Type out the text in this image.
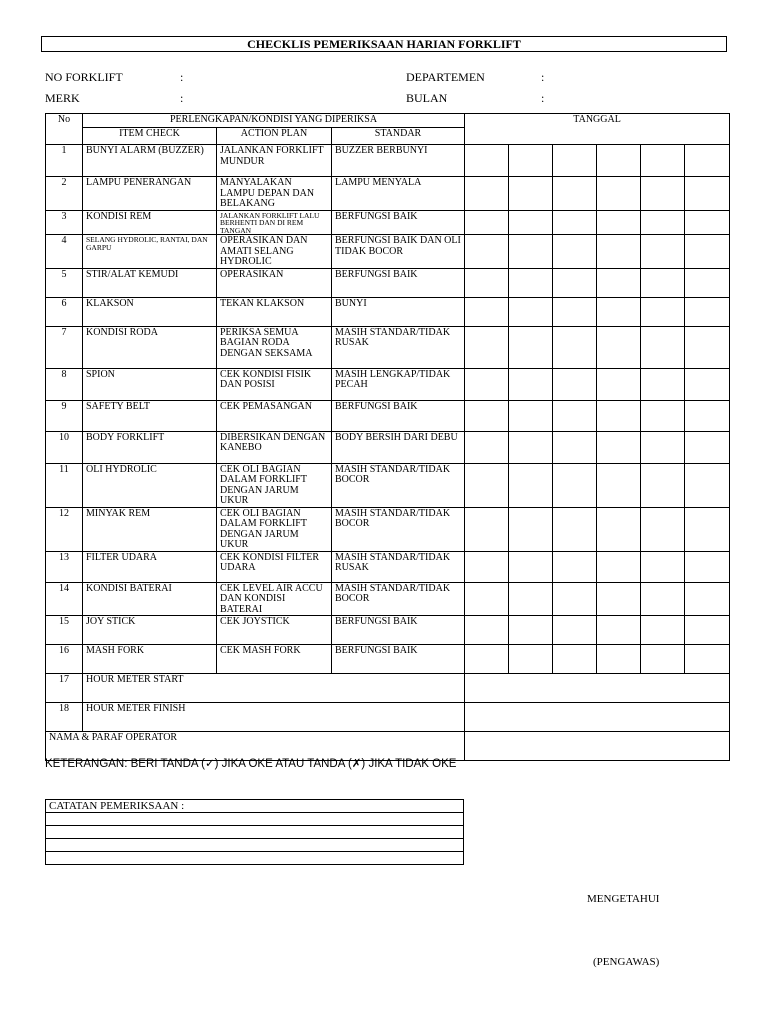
CHECKLIS PEMERIKSAAN HARIAN FORKLIFT
NO FORKLIFT	:	DEPARTEMEN	:
MERK	:	BULAN	:
No	PERLENGKAPAN/KONDISI YANG DIPERIKSA			TANGGAL					
	ITEM CHECK	ACTION PLAN	STANDAR						
1	BUNYI ALARM (BUZZER)	JALANKAN FORKLIFT MUNDUR	BUZZER BERBUNYI						
2	LAMPU PENERANGAN	MANYALAKAN LAMPU DEPAN DAN BELAKANG	LAMPU MENYALA						
3	KONDISI REM	JALANKAN FORKLIFT LALU BERHENTI DAN DI REM TANGAN	BERFUNGSI BAIK						
4	SELANG HYDROLIC, RANTAI, DAN GARPU	OPERASIKAN DAN AMATI SELANG HYDROLIC	BERFUNGSI BAIK DAN OLI TIDAK BOCOR						
5	STIR/ALAT KEMUDI	OPERASIKAN	BERFUNGSI BAIK						
6	KLAKSON	TEKAN KLAKSON	BUNYI						
7	KONDISI RODA	PERIKSA SEMUA BAGIAN RODA DENGAN SEKSAMA	MASIH STANDAR/TIDAK RUSAK						
8	SPION	CEK KONDISI FISIK DAN POSISI	MASIH LENGKAP/TIDAK PECAH						
9	SAFETY BELT	CEK PEMASANGAN	BERFUNGSI BAIK						
10	BODY FORKLIFT	DIBERSIKAN DENGAN KANEBO	BODY BERSIH DARI DEBU						
11	OLI HYDROLIC	CEK OLI BAGIAN DALAM FORKLIFT DENGAN JARUM UKUR	MASIH STANDAR/TIDAK BOCOR						
12	MINYAK REM	CEK OLI BAGIAN DALAM FORKLIFT DENGAN JARUM UKUR	MASIH STANDAR/TIDAK BOCOR						
13	FILTER UDARA	CEK KONDISI FILTER UDARA	MASIH STANDAR/TIDAK RUSAK						
14	KONDISI BATERAI	CEK LEVEL AIR ACCU DAN KONDISI BATERAI	MASIH STANDAR/TIDAK BOCOR						
15	JOY STICK	CEK JOYSTICK	BERFUNGSI BAIK						
16	MASH FORK	CEK MASH FORK	BERFUNGSI BAIK						
17	HOUR METER START								
18	HOUR METER FINISH								
NAMA & PARAF OPERATOR									
KETERANGAN: BERI TANDA (✓) JIKA OKE ATAU TANDA (✗) JIKA TIDAK OKE
CATATAN PEMERIKSAAN :

MENGETAHUI
(PENGAWAS)
